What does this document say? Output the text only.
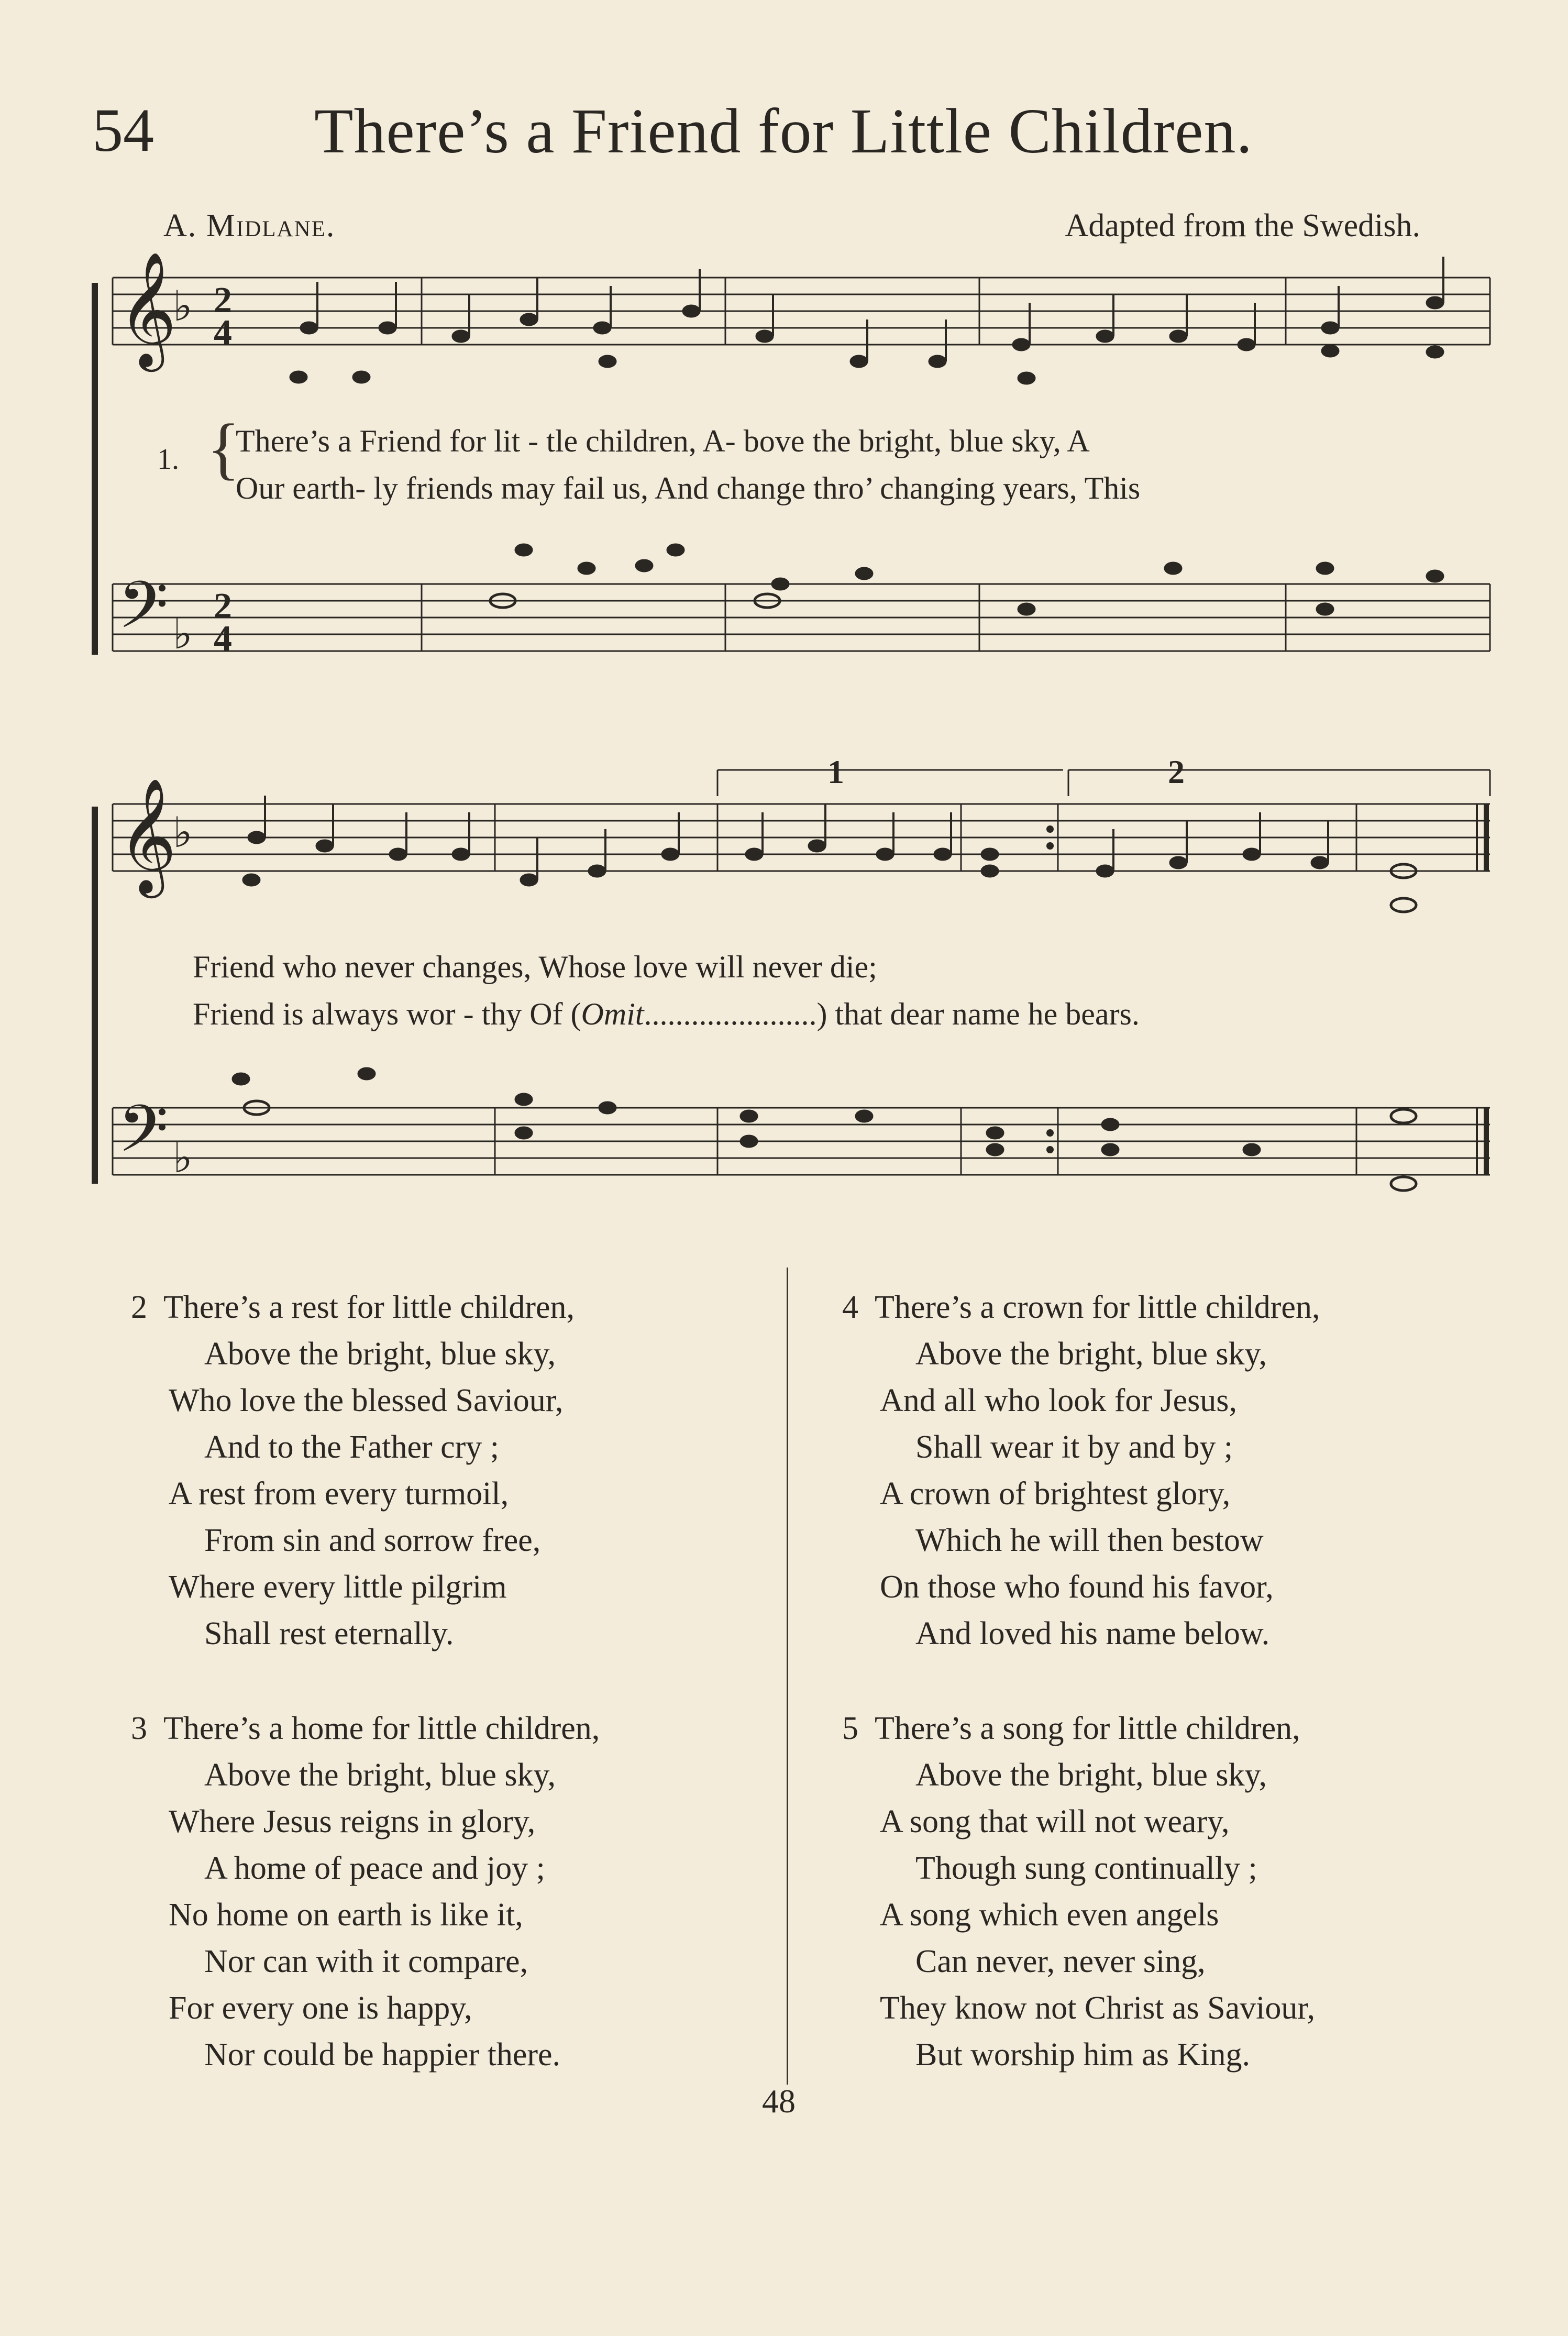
54	There’s a Friend for Little Children.
A. Midlane.	Adapted from the Swedish.
𝄞
𝄢
♭
♭
2
4
2
4
1	2
𝄞
𝄢
♭
♭
1. {
There’s a Friend for lit - tle children, A- bove the bright, blue sky, A
Our earth- ly friends may fail us, And change thro’ changing years, This
Friend who never changes, Whose love will never die;
Friend is always wor - thy Of (Omit......................) that dear name he bears.
2 There’s a rest for little children,
Above the bright, blue sky,
Who love the blessed Saviour,
And to the Father cry ;
A rest from every turmoil,
From sin and sorrow free,
Where every little pilgrim
Shall rest eternally.
3 There’s a home for little children,
Above the bright, blue sky,
Where Jesus reigns in glory,
A home of peace and joy ;
No home on earth is like it,
Nor can with it compare,
For every one is happy,
Nor could be happier there.
4 There’s a crown for little children,
Above the bright, blue sky,
And all who look for Jesus,
Shall wear it by and by ;
A crown of brightest glory,
Which he will then bestow
On those who found his favor,
And loved his name below.
5 There’s a song for little children,
Above the bright, blue sky,
A song that will not weary,
Though sung continually ;
A song which even angels
Can never, never sing,
They know not Christ as Saviour,
But worship him as King.
48
